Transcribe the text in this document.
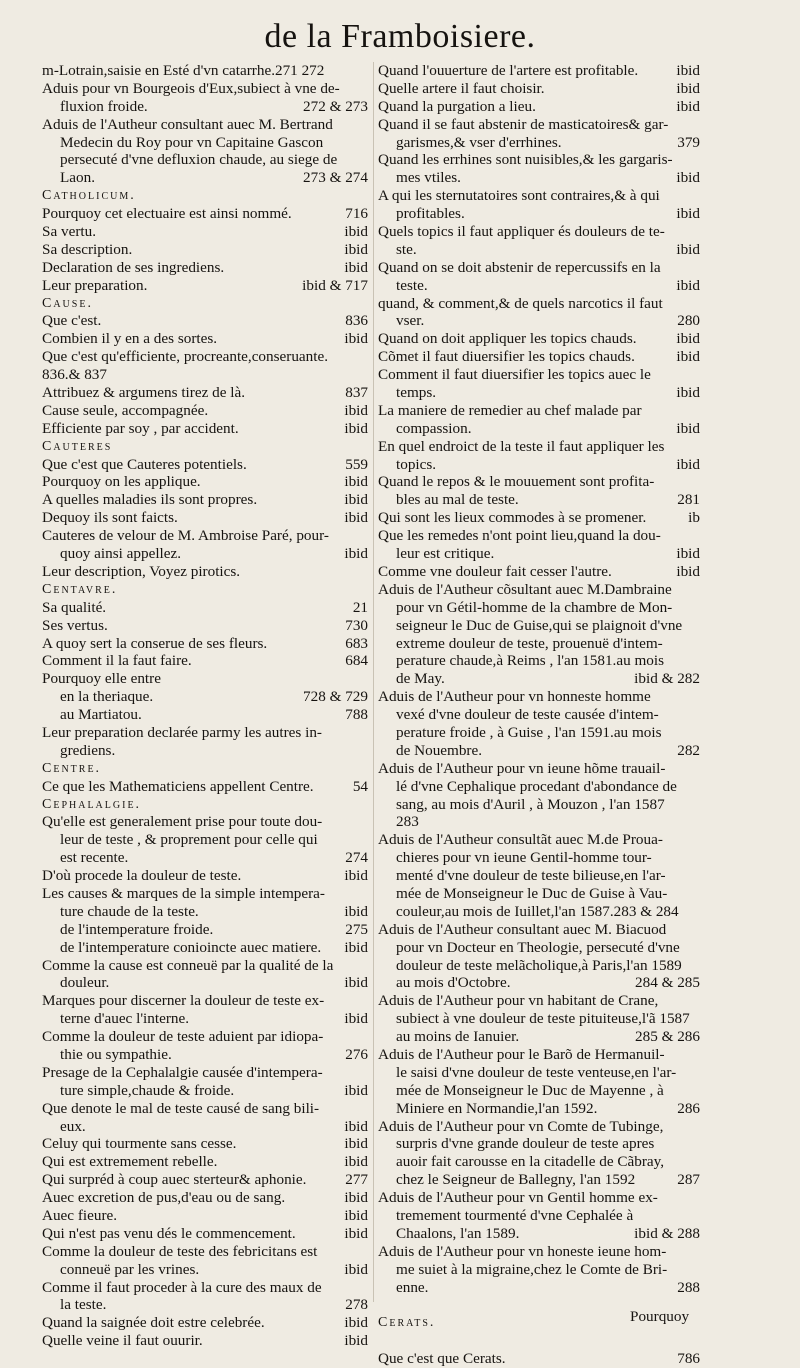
de la Framboisiere.
m-Lotrain,saisie en Esté d'vn catarrhe.271 272
Aduis pour vn Bourgeois d'Eux,subiect à vne de-
fluxion froide.	272 & 273
Aduis de l'Autheur consultant auec M. Bertrand
Medecin du Roy pour vn Capitaine Gascon
persecuté d'vne defluxion chaude, au siege de
Laon.	273 & 274
Catholicum.
Pourquoy cet electuaire est ainsi nommé.	716
Sa vertu.	ibid
Sa description.	ibid
Declaration de ses ingrediens.	ibid
Leur preparation.	ibid & 717
Cause.
Que c'est.	836
Combien il y en a des sortes.	ibid
Que c'est qu'efficiente, procreante,conseruante.
836.& 837
Attribuez & argumens tirez de là.	837
Cause seule, accompagnée.	ibid
Efficiente par soy , par accident.	ibid
Cauteres
Que c'est que Cauteres potentiels.	559
Pourquoy on les applique.	ibid
A quelles maladies ils sont propres.	ibid
Dequoy ils sont faicts.	ibid
Cauteres de velour de M. Ambroise Paré, pour-
quoy ainsi appellez.	ibid
Leur description, Voyez pirotics.
Centavre.
Sa qualité.	21
Ses vertus.	730
A quoy sert la conserue de ses fleurs.	683
Comment il la faut faire.	684
Pourquoy elle entre
en la theriaque.	728 & 729
au Martiatou.	788
Leur preparation declarée parmy les autres in-
grediens.
Centre.
Ce que les Mathematiciens appellent Centre.	54
Cephalalgie.
Qu'elle est generalement prise pour toute dou-
leur de teste , & proprement pour celle qui
est recente.	274
D'où procede la douleur de teste.	ibid
Les causes & marques de la simple intempera-
ture chaude de la teste.	ibid
de l'intemperature froide.	275
de l'intemperature conioincte auec matiere.	ibid
Comme la cause est conneuë par la qualité de la
douleur.	ibid
Marques pour discerner la douleur de teste ex-
terne d'auec l'interne.	ibid
Comme la douleur de teste aduient par idiopa-
thie ou sympathie.	276
Presage de la Cephalalgie causée d'intempera-
ture simple,chaude & froide.	ibid
Que denote le mal de teste causé de sang bili-
eux.	ibid
Celuy qui tourmente sans cesse.	ibid
Qui est extremement rebelle.	ibid
Qui surpréd à coup auec sterteur& aphonie.	277
Auec excretion de pus,d'eau ou de sang.	ibid
Auec fieure.	ibid
Qui n'est pas venu dés le commencement.	ibid
Comme la douleur de teste des febricitans est
conneuë par les vrines.	ibid
Comme il faut proceder à la cure des maux de
la teste.	278
Quand la saignée doit estre celebrée.	ibid
Quelle veine il faut ouurir.	ibid
Quand l'ouuerture de l'artere est profitable.	ibid
Quelle artere il faut choisir.	ibid
Quand la purgation a lieu.	ibid
Quand il se faut abstenir de masticatoires& gar-
garismes,& vser d'errhines.	379
Quand les errhines sont nuisibles,& les gargaris-
mes vtiles.	ibid
A qui les sternutatoires sont contraires,& à qui
profitables.	ibid
Quels topics il faut appliquer és douleurs de te-
ste.	ibid
Quand on se doit abstenir de repercussifs en la
teste.	ibid
quand, & comment,& de quels narcotics il faut
vser.	280
Quand on doit appliquer les topics chauds.	ibid
Cõmet il faut diuersifier les topics chauds.	ibid
Comment il faut diuersifier les topics auec le
temps.	ibid
La maniere de remedier au chef malade par
compassion.	ibid
En quel endroict de la teste il faut appliquer les
topics.	ibid
Quand le repos & le mouuement sont profita-
bles au mal de teste.	281
Qui sont les lieux commodes à se promener.	ib
Que les remedes n'ont point lieu,quand la dou-
leur est critique.	ibid
Comme vne douleur fait cesser l'autre.	ibid
Aduis de l'Autheur cõsultant auec M.Dambraine
pour vn Gétil-homme de la chambre de Mon-
seigneur le Duc de Guise,qui se plaignoit d'vne
extreme douleur de teste, prouenuë d'intem-
perature chaude,à Reims , l'an 1581.au mois
de May.	ibid & 282
Aduis de l'Autheur pour vn honneste homme
vexé d'vne douleur de teste causée d'intem-
perature froide , à Guise , l'an 1591.au mois
de Nouembre.	282
Aduis de l'Autheur pour vn ieune hõme trauail-
lé d'vne Cephalique procedant d'abondance de
sang, au mois d'Auril , à Mouzon , l'an 1587
283
Aduis de l'Autheur consultãt auec M.de Proua-
chieres pour vn ieune Gentil-homme tour-
menté d'vne douleur de teste bilieuse,en l'ar-
mée de Monseigneur le Duc de Guise à Vau-
couleur,au mois de Iuillet,l'an 1587.283 & 284
Aduis de l'Autheur consultant auec M. Biacuod
pour vn Docteur en Theologie, persecuté d'vne
douleur de teste melãcholique,à Paris,l'an 1589
au mois d'Octobre.	284 & 285
Aduis de l'Autheur pour vn habitant de Crane,
subiect à vne douleur de teste pituiteuse,l'ã 1587
au moins de Ianuier.	285 & 286
Aduis de l'Autheur pour le Barõ de Hermanuil-
le saisi d'vne douleur de teste venteuse,en l'ar-
mée de Monseigneur le Duc de Mayenne , à
Miniere en Normandie,l'an 1592.	286
Aduis de l'Autheur pour vn Comte de Tubinge,
surpris d'vne grande douleur de teste apres
auoir fait carousse en la citadelle de Cãbray,
chez le Seigneur de Ballegny, l'an 1592	287
Aduis de l'Autheur pour vn Gentil homme ex-
tremement tourmenté d'vne Cephalée à
Chaalons, l'an 1589.	ibid & 288
Aduis de l'Autheur pour vn honeste ieune hom-
me suiet à la migraine,chez le Comte de Bri-
enne.	288
Cerats.
Que c'est que Cerats.	786
Pourquoy
